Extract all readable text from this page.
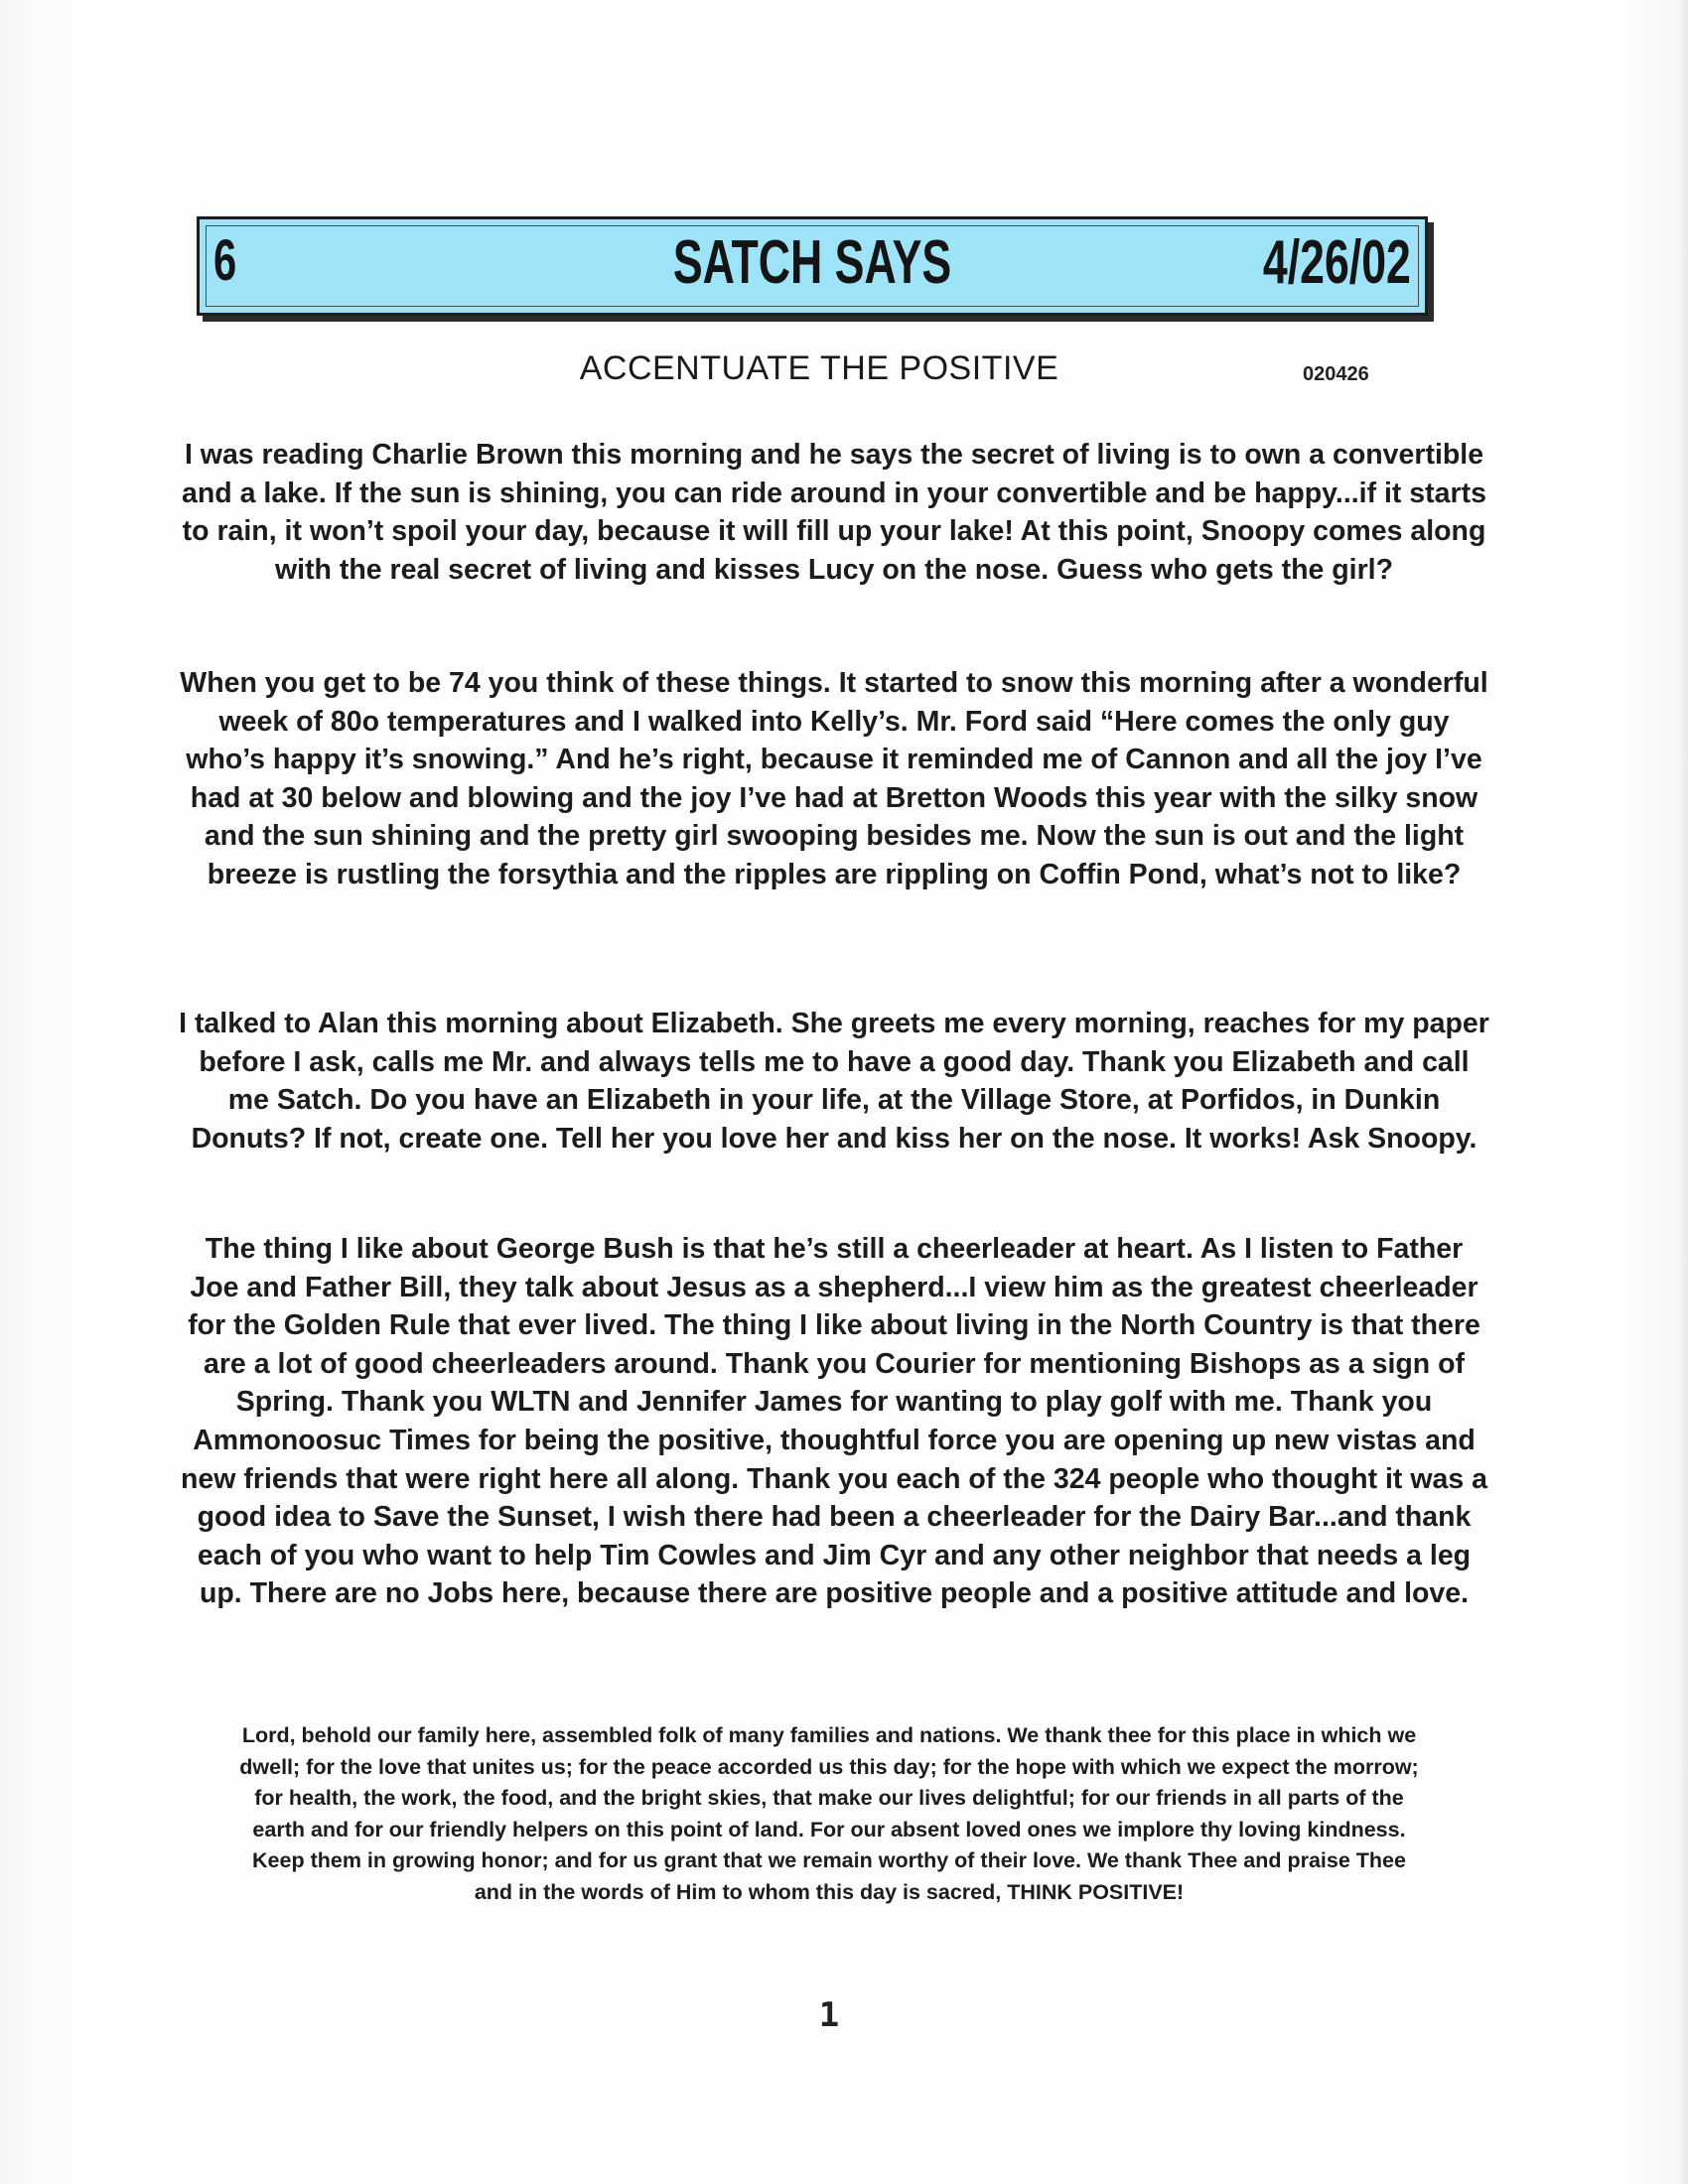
6	SATCH SAYS	4/26/02
ACCENTUATE THE POSITIVE	020426
I was reading Charlie Brown this morning and he says the secret of living is to own a convertible and a lake. If the sun is shining, you can ride around in your convertible and be happy...if it starts to rain, it won’t spoil your day, because it will fill up your lake! At this point, Snoopy comes along with the real secret of living and kisses Lucy on the nose. Guess who gets the girl?
When you get to be 74 you think of these things. It started to snow this morning after a wonderful week of 80o temperatures and I walked into Kelly’s. Mr. Ford said “Here comes the only guy who’s happy it’s snowing.” And he’s right, because it reminded me of Cannon and all the joy I’ve had at 30 below and blowing and the joy I’ve had at Bretton Woods this year with the silky snow and the sun shining and the pretty girl swooping besides me. Now the sun is out and the light breeze is rustling the forsythia and the ripples are rippling on Coffin Pond, what’s not to like?
I talked to Alan this morning about Elizabeth. She greets me every morning, reaches for my paper before I ask, calls me Mr. and always tells me to have a good day. Thank you Elizabeth and call me Satch. Do you have an Elizabeth in your life, at the Village Store, at Porfidos, in Dunkin Donuts? If not, create one. Tell her you love her and kiss her on the nose. It works! Ask Snoopy.
The thing I like about George Bush is that he’s still a cheerleader at heart. As I listen to Father Joe and Father Bill, they talk about Jesus as a shepherd...I view him as the greatest cheerleader for the Golden Rule that ever lived. The thing I like about living in the North Country is that there are a lot of good cheerleaders around. Thank you Courier for mentioning Bishops as a sign of Spring. Thank you WLTN and Jennifer James for wanting to play golf with me. Thank you Ammonoosuc Times for being the positive, thoughtful force you are opening up new vistas and new friends that were right here all along. Thank you each of the 324 people who thought it was a good idea to Save the Sunset, I wish there had been a cheerleader for the Dairy Bar...and thank each of you who want to help Tim Cowles and Jim Cyr and any other neighbor that needs a leg up. There are no Jobs here, because there are positive people and a positive attitude and love.
Lord, behold our family here, assembled folk of many families and nations. We thank thee for this place in which we dwell; for the love that unites us; for the peace accorded us this day; for the hope with which we expect the morrow; for health, the work, the food, and the bright skies, that make our lives delightful; for our friends in all parts of the earth and for our friendly helpers on this point of land. For our absent loved ones we implore thy loving kindness. Keep them in growing honor; and for us grant that we remain worthy of their love. We thank Thee and praise Thee and in the words of Him to whom this day is sacred, THINK POSITIVE!
1
